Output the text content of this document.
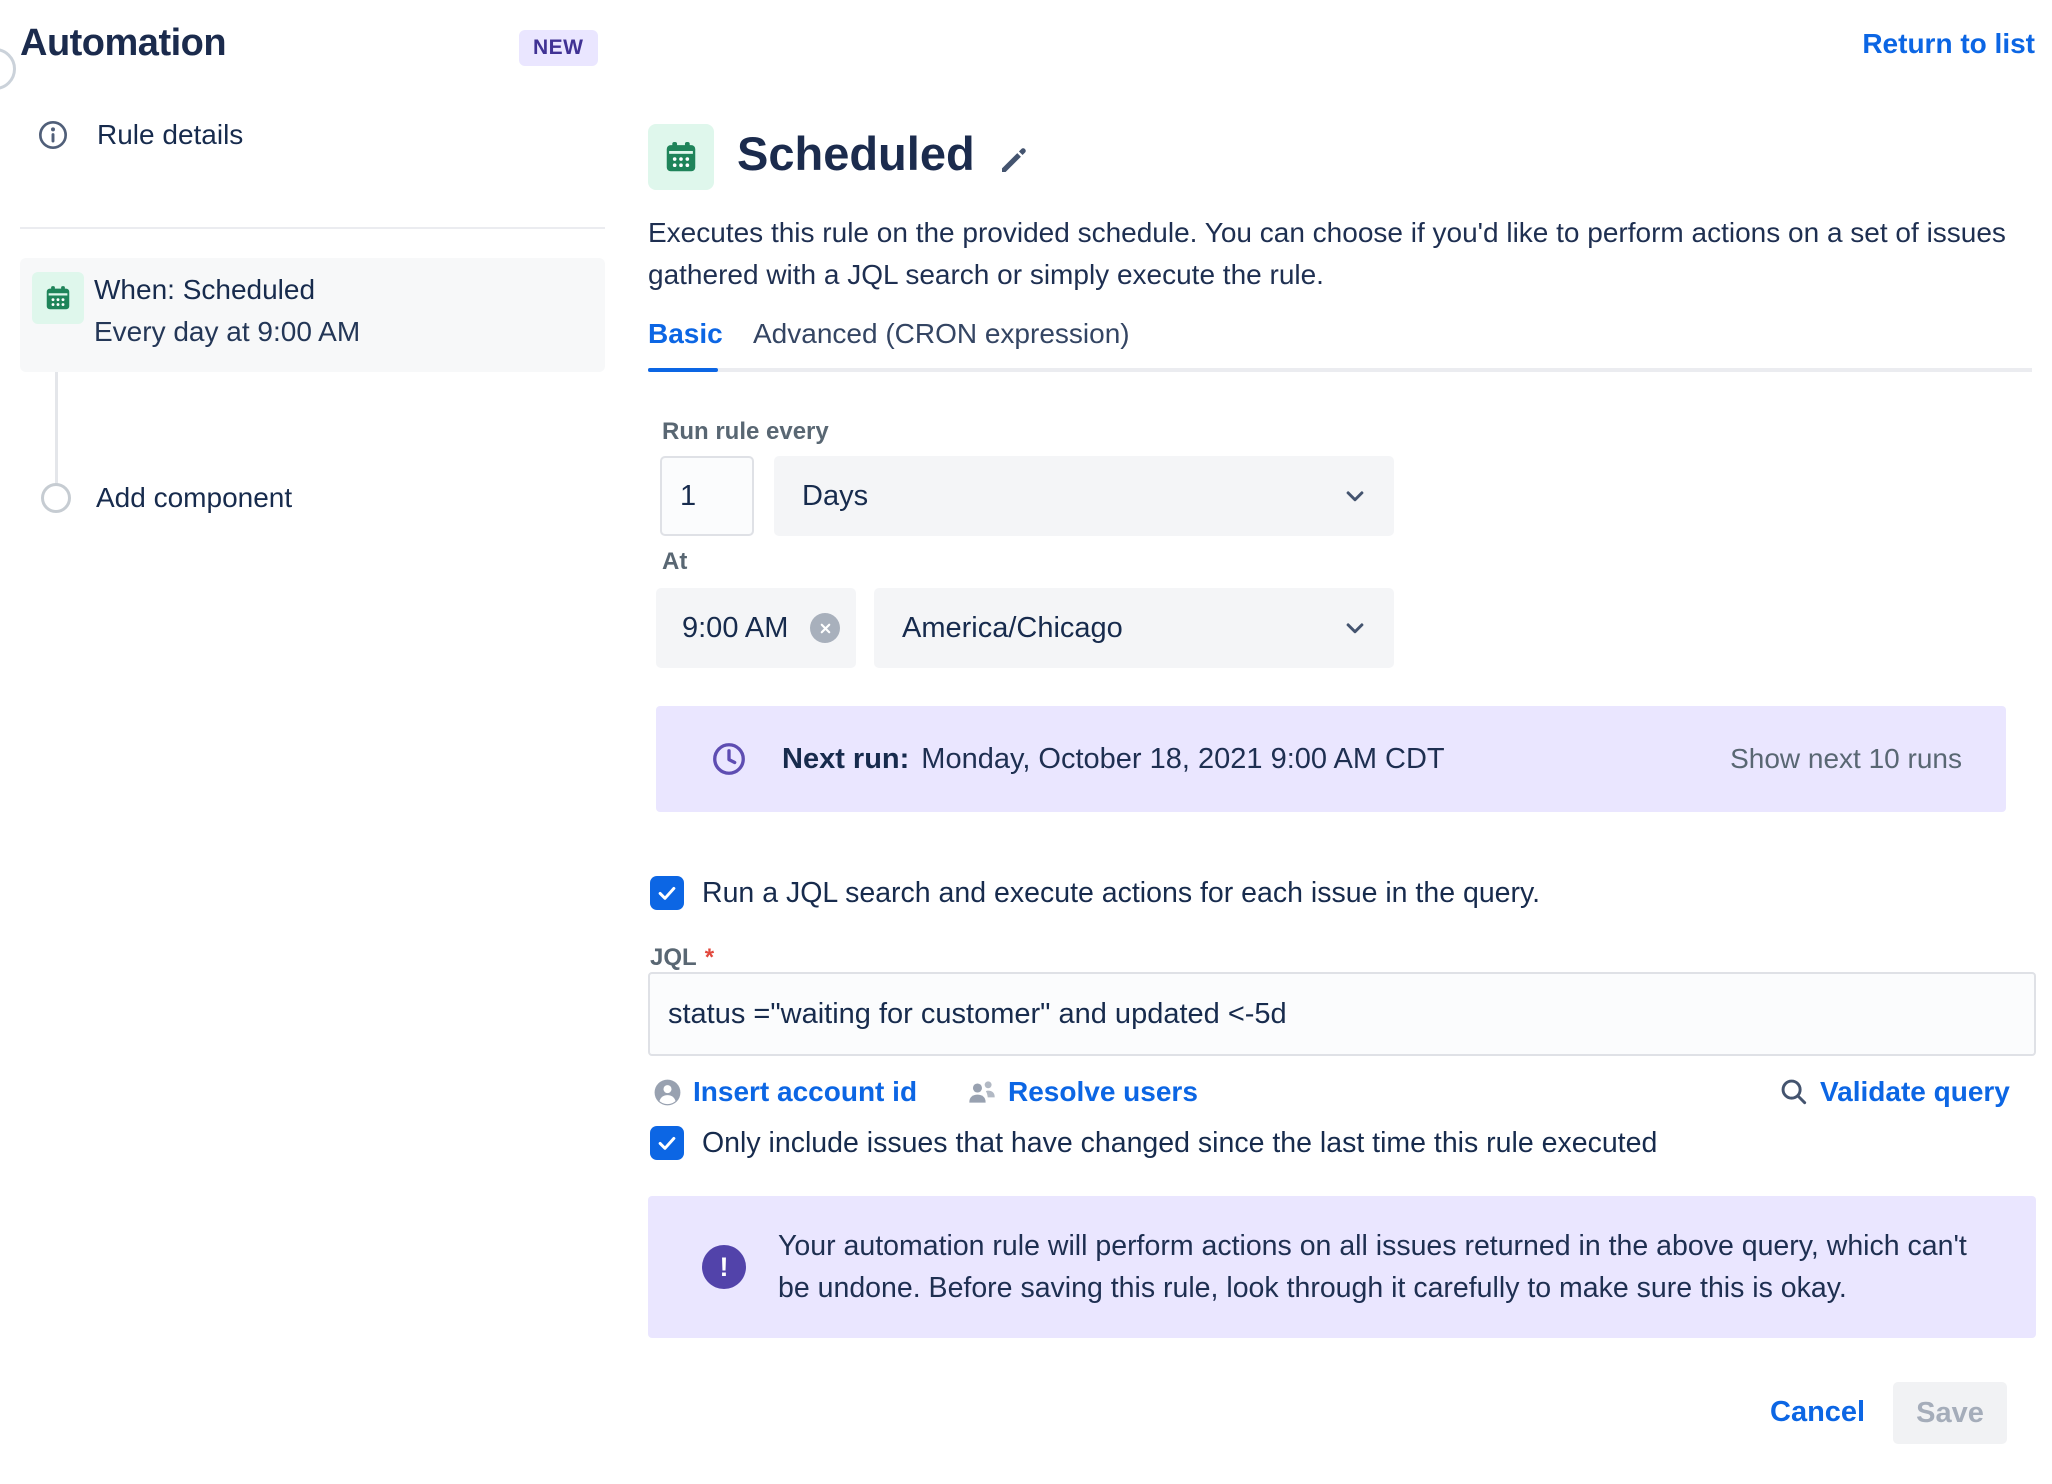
Automation	NEW	Return to list
Rule details
When: Scheduled
Every day at 9:00 AM
Add component
Scheduled

Executes this rule on the provided schedule. You can choose if you'd like to perform actions on a set of issues gathered with a JQL search or simply execute the rule.

Basic Advanced (CRON expression)
Run rule every
1	Days
At
9:00 AM	America/Chicago
Next run: Monday, October 18, 2021 9:00 AM CDT	Show next 10 runs
Run a JQL search and execute actions for each issue in the query.
JQL *
status ="waiting for customer" and updated <-5d
Insert account id	Resolve users	Validate query
Only include issues that have changed since the last time this rule executed
!
Your automation rule will perform actions on all issues returned in the above query, which can't be undone. Before saving this rule, look through it carefully to make sure this is okay.
Cancel	Save
